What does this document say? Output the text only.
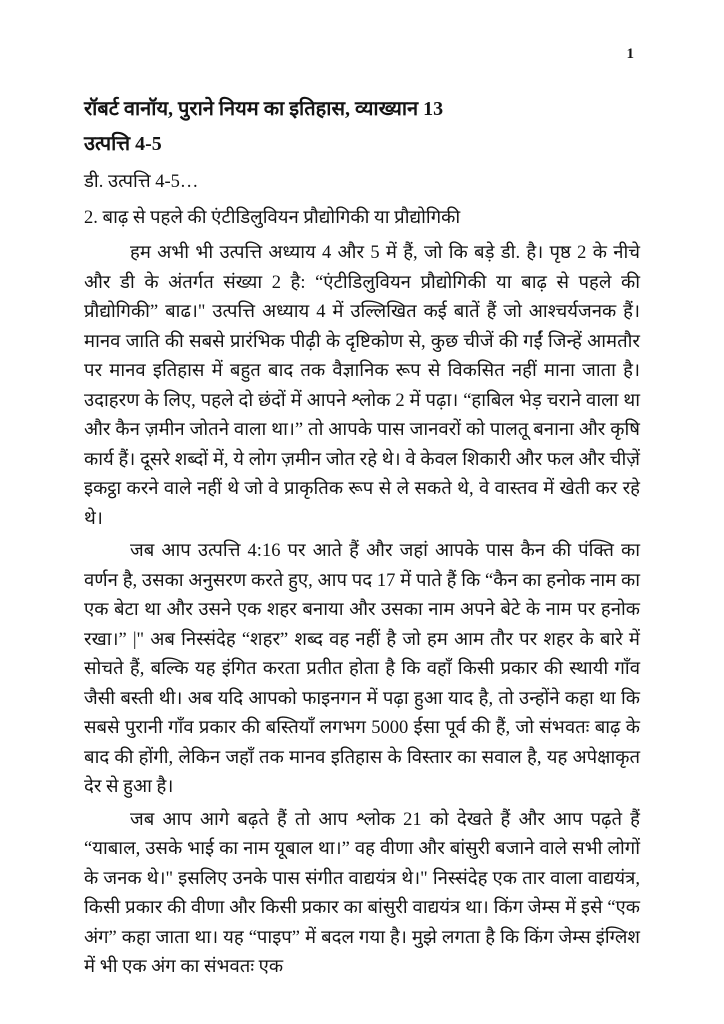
1
रॉबर्ट वानॉय, पुराने नियम का इतिहास, व्याख्यान 13
उत्पत्ति 4-5
डी. उत्पत्ति 4-5…
2. बाढ़ से पहले की एंटीडिलुवियन प्रौद्योगिकी या प्रौद्योगिकी

हम अभी भी उत्पत्ति अध्याय 4 और 5 में हैं, जो कि बड़े डी. है। पृष्ठ 2 के नीचे और डी के अंतर्गत संख्या 2 है: “एंटीडिलुवियन प्रौद्योगिकी या बाढ़ से पहले की प्रौद्योगिकी” बाढ।" उत्पत्ति अध्याय 4 में उल्लिखित कई बातें हैं जो आश्चर्यजनक हैं। मानव जाति की सबसे प्रारंभिक पीढ़ी के दृष्टिकोण से, कुछ चीजें की गईं जिन्हें आमतौर पर मानव इतिहास में बहुत बाद तक वैज्ञानिक रूप से विकसित नहीं माना जाता है। उदाहरण के लिए, पहले दो छंदों में आपने श्लोक 2 में पढ़ा। “हाबिल भेड़ चराने वाला था और कैन ज़मीन जोतने वाला था।” तो आपके पास जानवरों को पालतू बनाना और कृषि कार्य हैं। दूसरे शब्दों में, ये लोग ज़मीन जोत रहे थे। वे केवल शिकारी और फल और चीज़ें इकट्ठा करने वाले नहीं थे जो वे प्राकृतिक रूप से ले सकते थे, वे वास्तव में खेती कर रहे थे।

जब आप उत्पत्ति 4:16 पर आते हैं और जहां आपके पास कैन की पंक्ति का वर्णन है, उसका अनुसरण करते हुए, आप पद 17 में पाते हैं कि “कैन का हनोक नाम का एक बेटा था और उसने एक शहर बनाया और उसका नाम अपने बेटे के नाम पर हनोक रखा।” |" अब निस्संदेह “शहर” शब्द वह नहीं है जो हम आम तौर पर शहर के बारे में सोचते हैं, बल्कि यह इंगित करता प्रतीत होता है कि वहाँ किसी प्रकार की स्थायी गाँव जैसी बस्ती थी। अब यदि आपको फाइनगन में पढ़ा हुआ याद है, तो उन्होंने कहा था कि सबसे पुरानी गाँव प्रकार की बस्तियाँ लगभग 5000 ईसा पूर्व की हैं, जो संभवतः बाढ़ के बाद की होंगी, लेकिन जहाँ तक मानव इतिहास के विस्तार का सवाल है, यह अपेक्षाकृत देर से हुआ है।

जब आप आगे बढ़ते हैं तो आप श्लोक 21 को देखते हैं और आप पढ़ते हैं “याबाल, उसके भाई का नाम यूबाल था।” वह वीणा और बांसुरी बजाने वाले सभी लोगों के जनक थे।" इसलिए उनके पास संगीत वाद्ययंत्र थे।" निस्संदेह एक तार वाला वाद्ययंत्र, किसी प्रकार की वीणा और किसी प्रकार का बांसुरी वाद्ययंत्र था। किंग जेम्स में इसे “एक अंग” कहा जाता था। यह “पाइप” में बदल गया है। मुझे लगता है कि किंग जेम्स इंग्लिश में भी एक अंग का संभवतः एक
